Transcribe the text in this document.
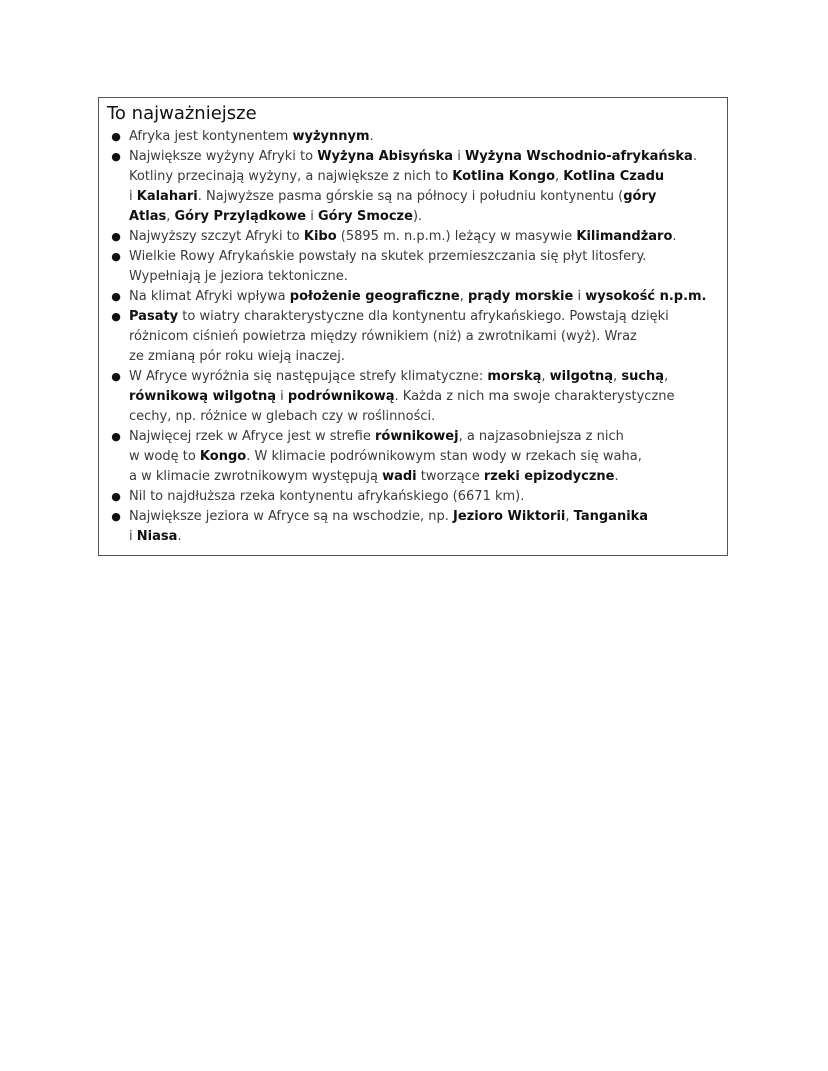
To najważniejsze
● Afryka jest kontynentem wyżynnym.
● Największe wyżyny Afryki to Wyżyna Abisyńska i Wyżyna Wschodnio-afrykańska.
Kotliny przecinają wyżyny, a największe z nich to Kotlina Kongo, Kotlina Czadu
i Kalahari. Najwyższe pasma górskie są na północy i południu kontynentu (góry
Atlas, Góry Przylądkowe i Góry Smocze).
● Najwyższy szczyt Afryki to Kibo (5895 m. n.p.m.) leżący w masywie Kilimandżaro.
● Wielkie Rowy Afrykańskie powstały na skutek przemieszczania się płyt litosfery.
Wypełniają je jeziora tektoniczne.
● Na klimat Afryki wpływa położenie geograficzne, prądy morskie i wysokość n.p.m.
● Pasaty to wiatry charakterystyczne dla kontynentu afrykańskiego. Powstają dzięki
różnicom ciśnień powietrza między równikiem (niż) a zwrotnikami (wyż). Wraz
ze zmianą pór roku wieją inaczej.
● W Afryce wyróżnia się następujące strefy klimatyczne: morską, wilgotną, suchą,
równikową wilgotną i podrównikową. Każda z nich ma swoje charakterystyczne
cechy, np. różnice w glebach czy w roślinności.
● Najwięcej rzek w Afryce jest w strefie równikowej, a najzasobniejsza z nich
w wodę to Kongo. W klimacie podrównikowym stan wody w rzekach się waha,
a w klimacie zwrotnikowym występują wadi tworzące rzeki epizodyczne.
● Nil to najdłuższa rzeka kontynentu afrykańskiego (6671 km).
● Największe jeziora w Afryce są na wschodzie, np. Jezioro Wiktorii, Tanganika
i Niasa.
